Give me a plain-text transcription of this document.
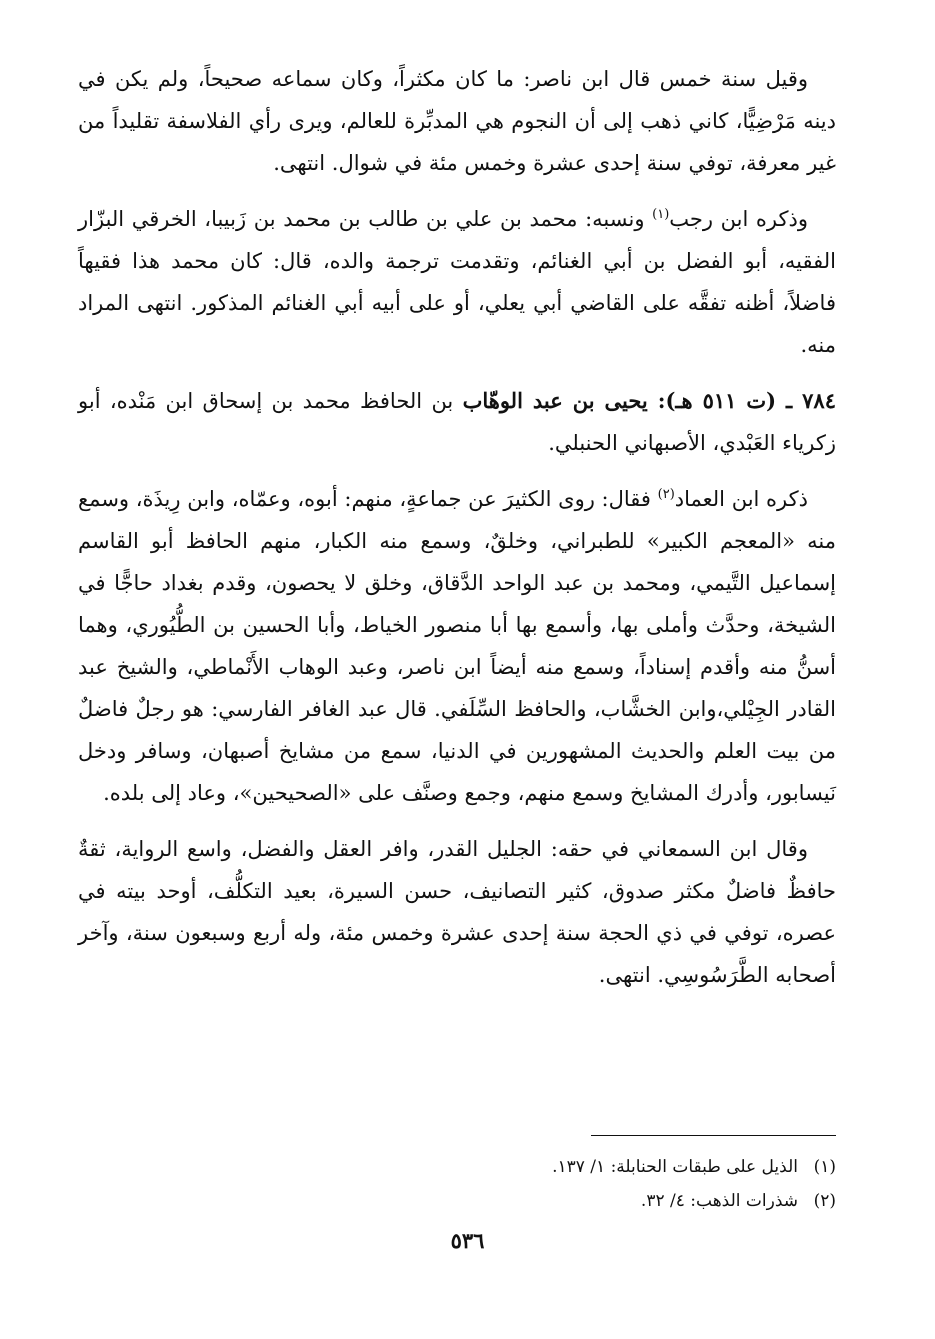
وقيل سنة خمس قال ابن ناصر: ما كان مكثراً، وكان سماعه صحيحاً، ولم يكن في دينه مَرْضِيًّا، كاني ذهب إلى أن النجوم هي المدبِّرة للعالم، ويرى رأي الفلاسفة تقليداً من غير معرفة، توفي سنة إحدى عشرة وخمس مئة في شوال. انتهى.

وذكره ابن رجب$^{(١)}$ ونسبه: محمد بن علي بن طالب بن محمد بن زَبيبا، الخرقي البزّار الفقيه، أبو الفضل بن أبي الغنائم، وتقدمت ترجمة والده، قال: كان محمد هذا فقيهاً فاضلاً، أظنه تفقَّه على القاضي أبي يعلي، أو على أبيه أبي الغنائم المذكور. انتهى المراد منه.

٧٨٤ ـ (ت ٥١١ هـ): يحيى بن عبد الوهّاب بن الحافظ محمد بن إسحاق ابن مَنْده، أبو زكرياء العَبْدي، الأصبهاني الحنبلي.

ذكره ابن العماد$^{(٢)}$ فقال: روى الكثيرَ عن جماعةٍ، منهم: أبوه، وعمّاه، وابن رِيذَة، وسمع منه «المعجم الكبير» للطبراني، وخلقٌ، وسمع منه الكبار، منهم الحافظ أبو القاسم إسماعيل التَّيمي، ومحمد بن عبد الواحد الدَّقاق، وخلق لا يحصون، وقدم بغداد حاجًّا في الشيخة، وحدَّث وأملى بها، وأسمع بها أبا منصور الخياط، وأبا الحسين بن الطُّيُوري، وهما أسنُّ منه وأقدم إسناداً، وسمع منه أيضاً ابن ناصر، وعبد الوهاب الأَنْماطي، والشيخ عبد القادر الجِيْلي،وابن الخشَّاب، والحافظ السِّلَفي. قال عبد الغافر الفارسي: هو رجلٌ فاضلٌ من بيت العلم والحديث المشهورين في الدنيا، سمع من مشايخ أصبهان، وسافر ودخل نَيسابور، وأدرك المشايخ وسمع منهم، وجمع وصنَّف على «الصحيحين»، وعاد إلى بلده.

وقال ابن السمعاني في حقه: الجليل القدر، وافر العقل والفضل، واسع الرواية، ثقةٌ حافظٌ فاضلٌ مكثر صدوق، كثير التصانيف، حسن السيرة، بعيد التكلُّف، أوحد بيته في عصره، توفي في ذي الحجة سنة إحدى عشرة وخمس مئة، وله أربع وسبعون سنة، وآخر أصحابه الطَّرَسُوسِي. انتهى.

(١)الذيل على طبقات الحنابلة: ١/ ١٣٧.
(٢)شذرات الذهب: ٤/ ٣٢.
٥٣٦
